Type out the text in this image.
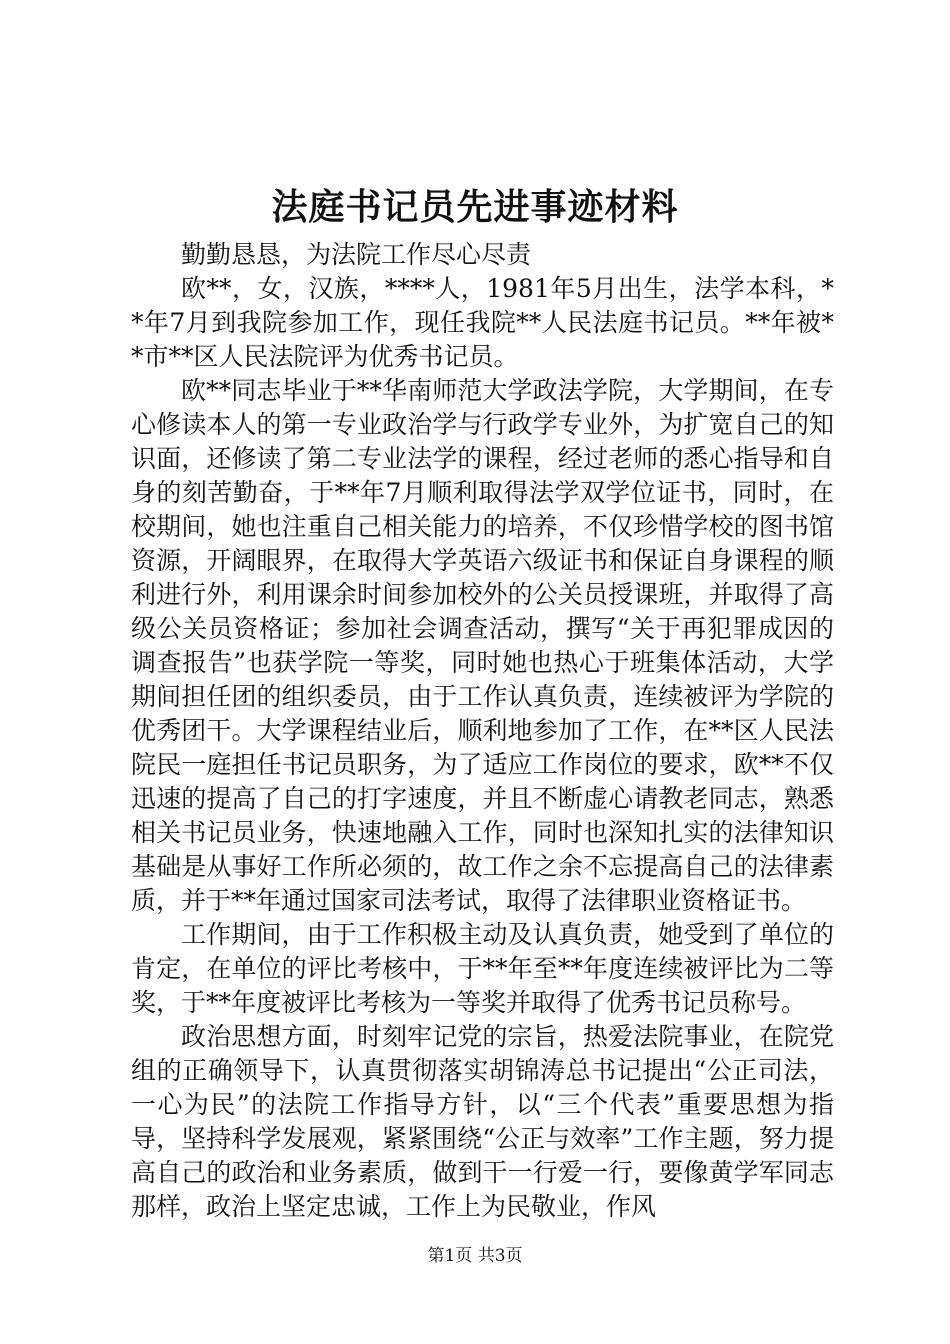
法庭书记员先进事迹材料

勤勤恳恳，为法院工作尽心尽责

欧**，女，汉族，****人，1981年5月出生，法学本科，**年7月到我院参加工作，现任我院**人民法庭书记员。**年被**市**区人民法院评为优秀书记员。

欧**同志毕业于**华南师范大学政法学院，大学期间，在专心修读本人的第一专业政治学与行政学专业外，为扩宽自己的知识面，还修读了第二专业法学的课程，经过老师的悉心指导和自身的刻苦勤奋，于**年7月顺利取得法学双学位证书，同时，在校期间，她也注重自己相关能力的培养，不仅珍惜学校的图书馆资源，开阔眼界，在取得大学英语六级证书和保证自身课程的顺利进行外，利用课余时间参加校外的公关员授课班，并取得了高级公关员资格证；参加社会调查活动，撰写“关于再犯罪成因的调查报告”也获学院一等奖，同时她也热心于班集体活动，大学期间担任团的组织委员，由于工作认真负责，连续被评为学院的优秀团干。大学课程结业后，顺利地参加了工作，在**区人民法院民一庭担任书记员职务，为了适应工作岗位的要求，欧**不仅迅速的提高了自己的打字速度，并且不断虚心请教老同志，熟悉相关书记员业务，快速地融入工作，同时也深知扎实的法律知识基础是从事好工作所必须的，故工作之余不忘提高自己的法律素质，并于**年通过国家司法考试，取得了法律职业资格证书。

工作期间，由于工作积极主动及认真负责，她受到了单位的肯定，在单位的评比考核中，于**年至**年度连续被评比为二等奖，于**年度被评比考核为一等奖并取得了优秀书记员称号。

政治思想方面，时刻牢记党的宗旨，热爱法院事业，在院党组的正确领导下，认真贯彻落实胡锦涛总书记提出“公正司法，一心为民”的法院工作指导方针，以“三个代表”重要思想为指导，坚持科学发展观，紧紧围绕“公正与效率”工作主题，努力提高自己的政治和业务素质，做到干一行爱一行，要像黄学军同志那样，政治上坚定忠诚，工作上为民敬业，作风

第1页 共3页
